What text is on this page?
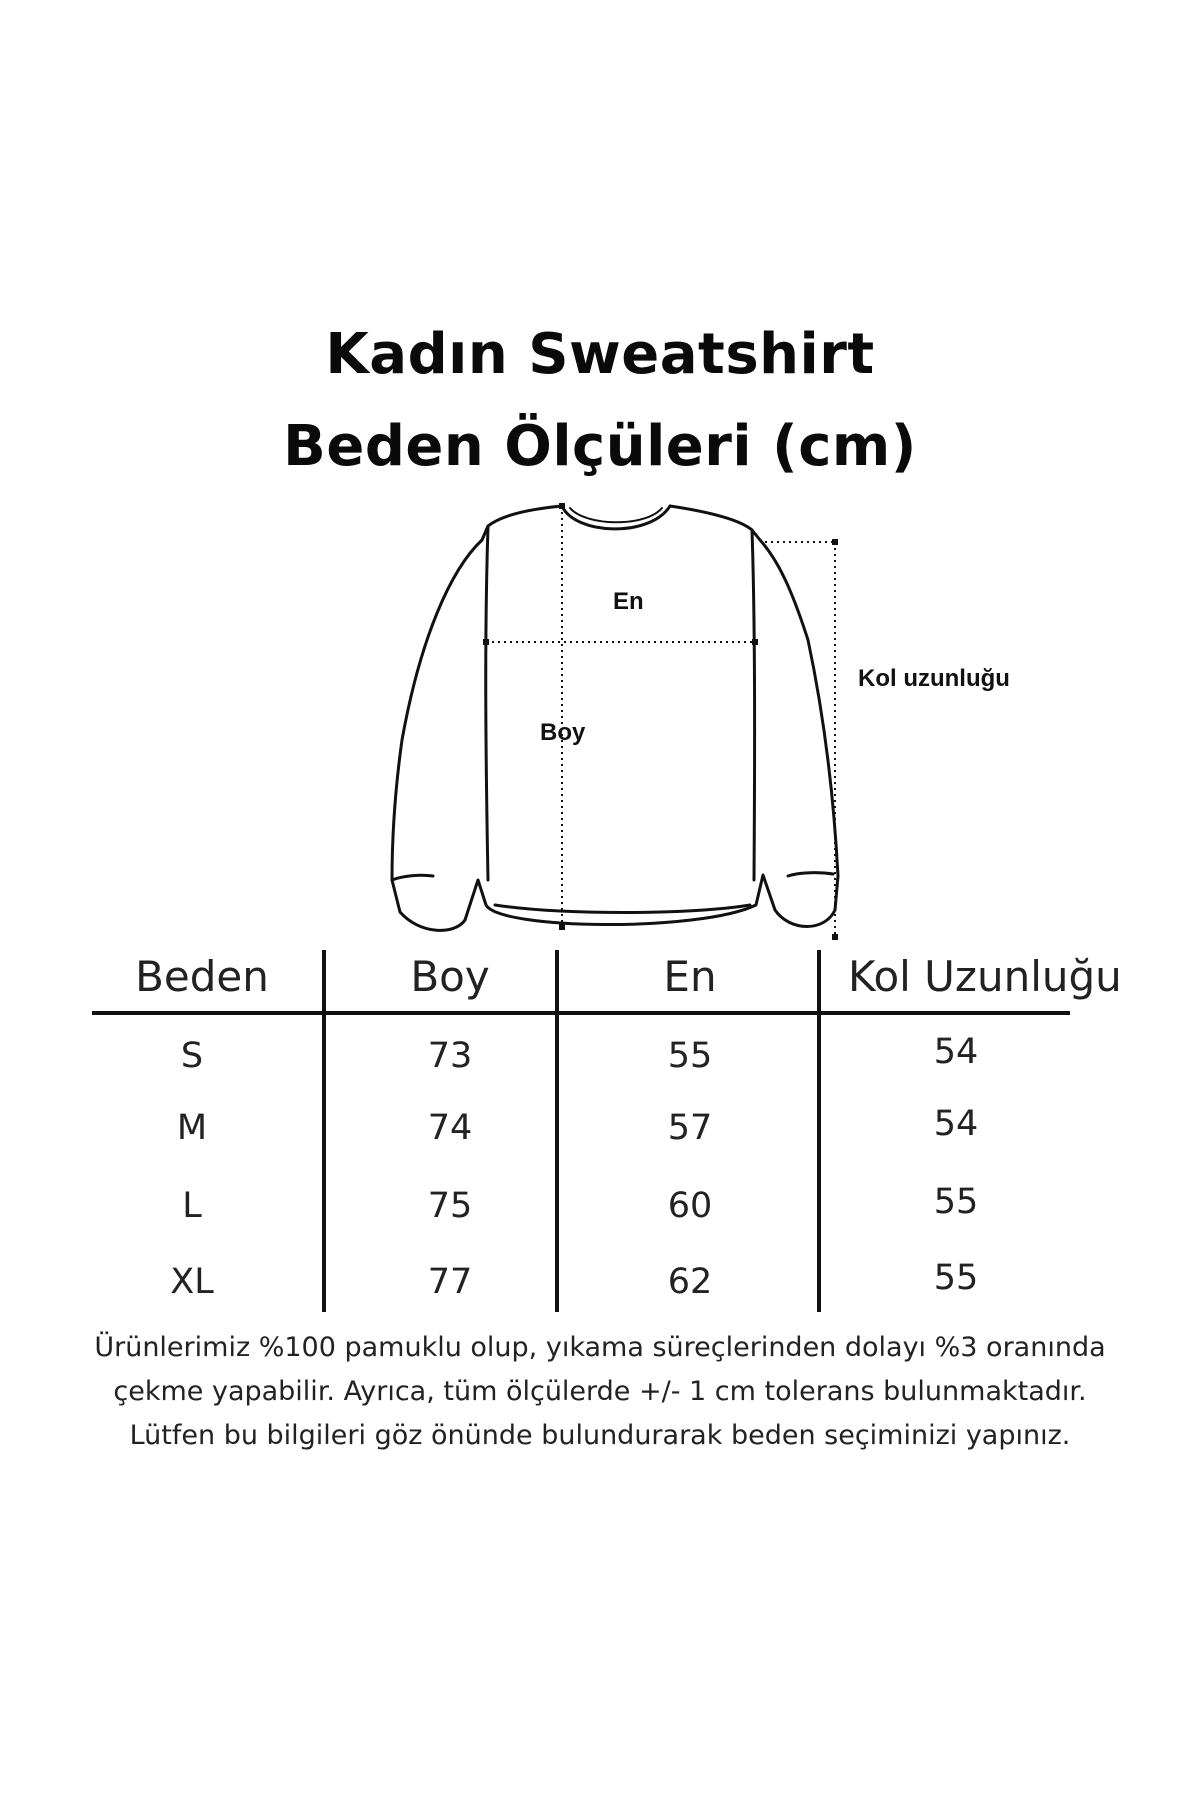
Kadın Sweatshirt
Beden Ölçüleri (cm)
En
Boy
Kol uzunluğu
Beden	Boy	En	Kol Uzunluğu
S	73	55	54
M	74	57	54
L	75	60	55
XL	77	62	55
Ürünlerimiz %100 pamuklu olup, yıkama süreçlerinden dolayı %3 oranında
çekme yapabilir. Ayrıca, tüm ölçülerde +/- 1 cm tolerans bulunmaktadır.
Lütfen bu bilgileri göz önünde bulundurarak beden seçiminizi yapınız.
